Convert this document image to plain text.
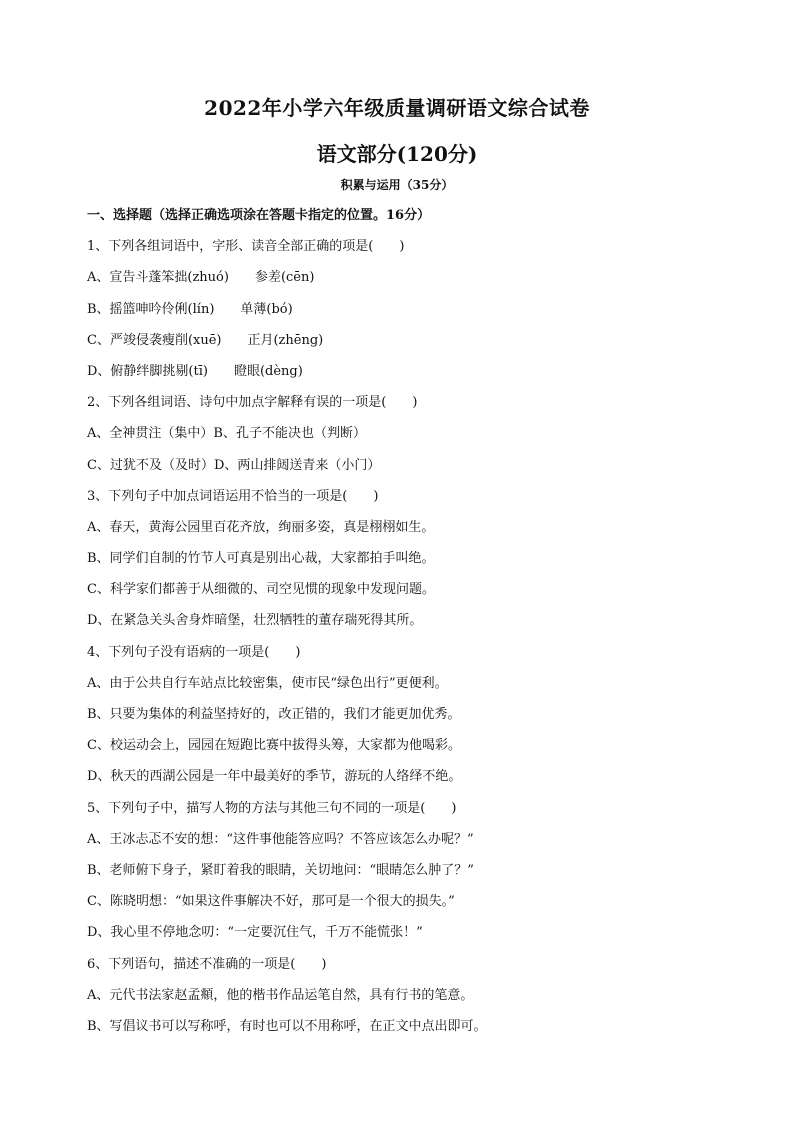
2022年小学六年级质量调研语文综合试卷
语文部分(120分)
积累与运用（35分）
一、选择题（选择正确选项涂在答题卡指定的位置。16分）
1、下列各组词语中，字形、读音全部正确的项是(　　)
A、宣告斗蓬笨拙(zhuó)　　参差(cēn)
B、摇篮呻吟伶俐(lín)　　单薄(bó)
C、严竣侵袭瘦削(xuē)　　正月(zhēng)
D、俯静绊脚挑剔(tī)　　瞪眼(dèng)
2、下列各组词语、诗句中加点字解释有误的一项是(　　)
A、全神贯注（集中）B、孔子不能决也（判断）
C、过犹不及（及时）D、两山排闼送青来（小门）
3、下列句子中加点词语运用不恰当的一项是(　　)
A、春天，黄海公园里百花齐放，绚丽多姿，真是栩栩如生。
B、同学们自制的竹节人可真是别出心裁，大家都拍手叫绝。
C、科学家们都善于从细微的、司空见惯的现象中发现问题。
D、在紧急关头舍身炸暗堡，壮烈牺牲的董存瑞死得其所。
4、下列句子没有语病的一项是(　　)
A、由于公共自行车站点比较密集，使市民“绿色出行”更便利。
B、只要为集体的利益坚持好的，改正错的，我们才能更加优秀。
C、校运动会上，园园在短跑比赛中拔得头筹，大家都为他喝彩。
D、秋天的西湖公园是一年中最美好的季节，游玩的人络绎不绝。
5、下列句子中，描写人物的方法与其他三句不同的一项是(　　)
A、王冰忐忑不安的想：“这件事他能答应吗？不答应该怎么办呢？”
B、老师俯下身子，紧盯着我的眼睛，关切地问：“眼睛怎么肿了？”
C、陈晓明想：“如果这件事解决不好，那可是一个很大的损失。”
D、我心里不停地念叨：“一定要沉住气，千万不能慌张！”
6、下列语句，描述不准确的一项是(　　)
A、元代书法家赵孟頫，他的楷书作品运笔自然，具有行书的笔意。
B、写倡议书可以写称呼，有时也可以不用称呼，在正文中点出即可。
